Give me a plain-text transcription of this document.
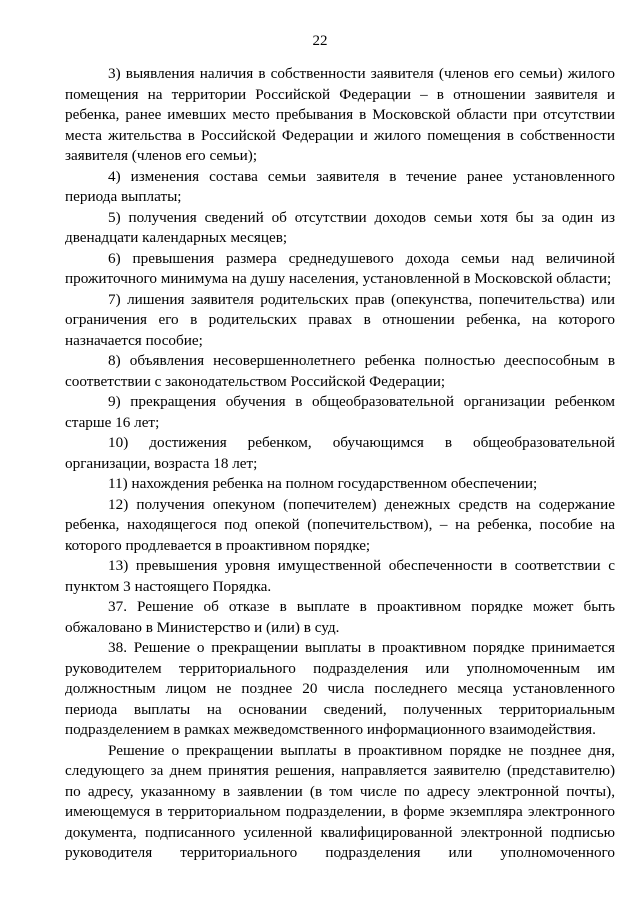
22

3) выявления наличия в собственности заявителя (членов его семьи) жилого помещения на территории Российской Федерации – в отношении заявителя и ребенка, ранее имевших место пребывания в Московской области при отсутствии места жительства в Российской Федерации и жилого помещения в собственности заявителя (членов его семьи);

4) изменения состава семьи заявителя в течение ранее установленного периода выплаты;

5) получения сведений об отсутствии доходов семьи хотя бы за один из двенадцати календарных месяцев;

6) превышения размера среднедушевого дохода семьи над величиной прожиточного минимума на душу населения, установленной в Московской области;

7) лишения заявителя родительских прав (опекунства, попечительства) или ограничения его в родительских правах в отношении ребенка, на которого назначается пособие;

8) объявления несовершеннолетнего ребенка полностью дееспособным в соответствии с законодательством Российской Федерации;

9) прекращения обучения в общеобразовательной организации ребенком старше 16 лет;

10) достижения ребенком, обучающимся в общеобразовательной организации, возраста 18 лет;

11) нахождения ребенка на полном государственном обеспечении;

12) получения опекуном (попечителем) денежных средств на содержание ребенка, находящегося под опекой (попечительством), – на ребенка, пособие на которого продлевается в проактивном порядке;

13) превышения уровня имущественной обеспеченности в соответствии с пунктом 3 настоящего Порядка.

37. Решение об отказе в выплате в проактивном порядке может быть обжаловано в Министерство и (или) в суд.

38. Решение о прекращении выплаты в проактивном порядке принимается руководителем территориального подразделения или уполномоченным им должностным лицом не позднее 20 числа последнего месяца установленного периода выплаты на основании сведений, полученных территориальным подразделением в рамках межведомственного информационного взаимодействия.

Решение о прекращении выплаты в проактивном порядке не позднее дня, следующего за днем принятия решения, направляется заявителю (представителю) по адресу, указанному в заявлении (в том числе по адресу электронной почты), имеющемуся в территориальном подразделении, в форме экземпляра электронного документа, подписанного усиленной квалифицированной электронной подписью руководителя территориального подразделения или уполномоченного
